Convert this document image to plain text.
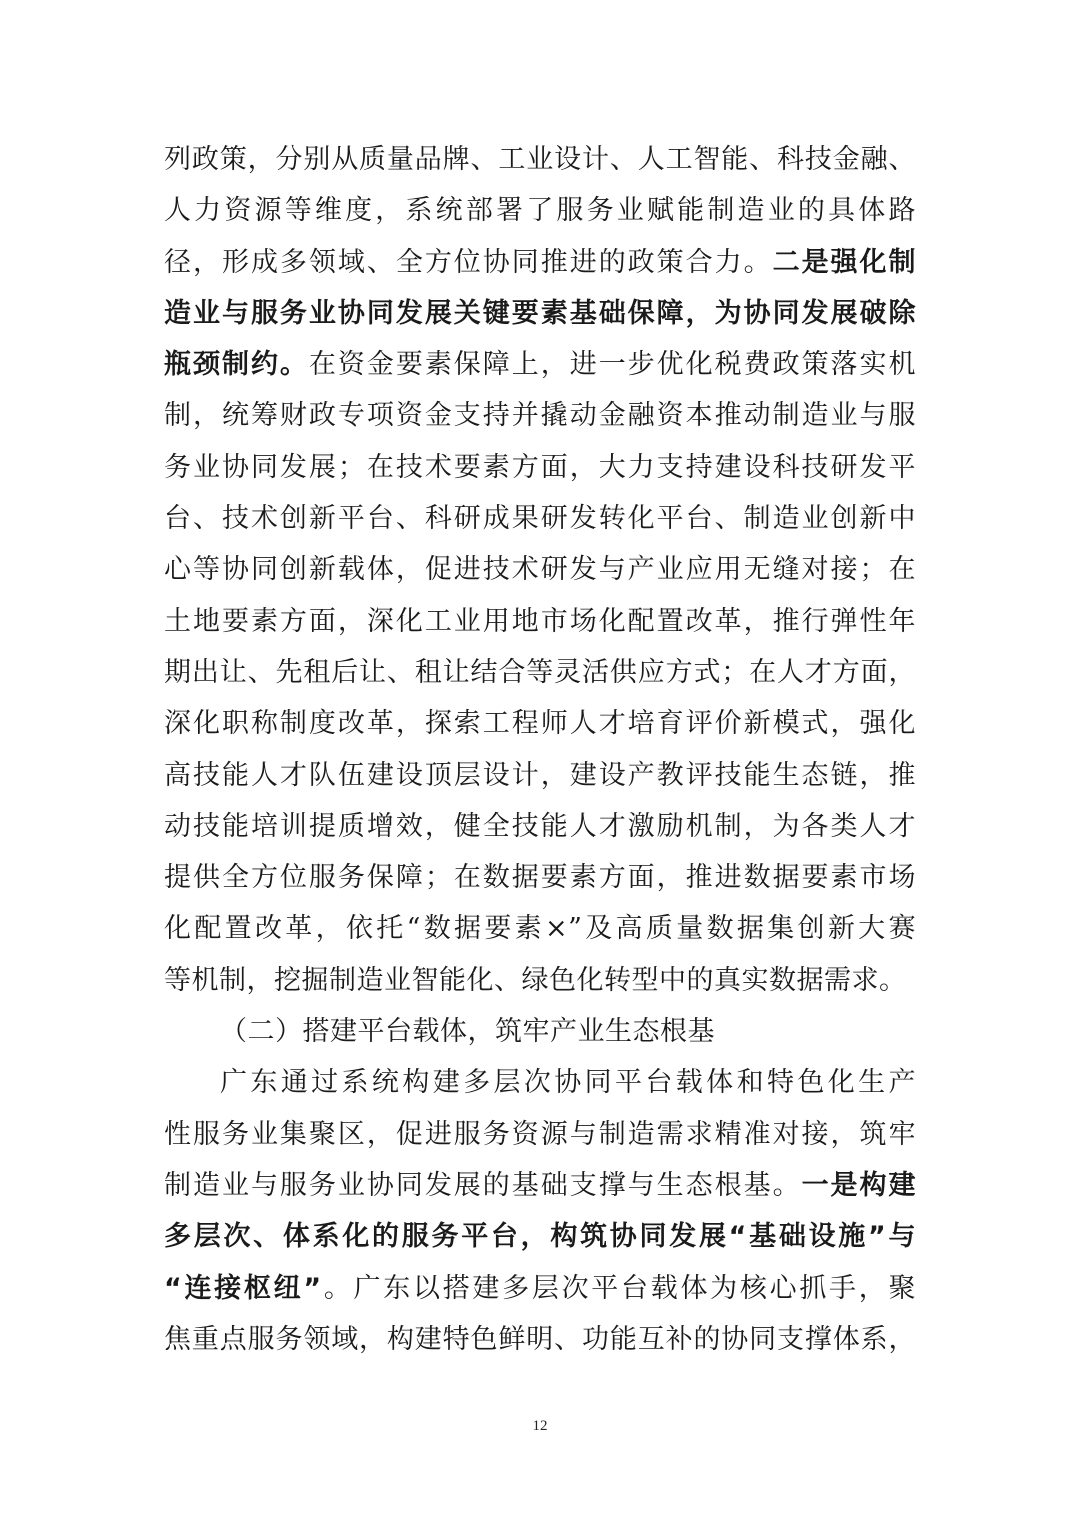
列政策，分别从质量品牌、工业设计、人工智能、科技金融、
人力资源等维度，系统部署了服务业赋能制造业的具体路
径，形成多领域、全方位协同推进的政策合力。二是强化制
造业与服务业协同发展关键要素基础保障，为协同发展破除
瓶颈制约。在资金要素保障上，进一步优化税费政策落实机
制，统筹财政专项资金支持并撬动金融资本推动制造业与服
务业协同发展；在技术要素方面，大力支持建设科技研发平
台、技术创新平台、科研成果研发转化平台、制造业创新中
心等协同创新载体，促进技术研发与产业应用无缝对接；在
土地要素方面，深化工业用地市场化配置改革，推行弹性年
期出让、先租后让、租让结合等灵活供应方式；在人才方面，
深化职称制度改革，探索工程师人才培育评价新模式，强化
高技能人才队伍建设顶层设计，建设产教评技能生态链，推
动技能培训提质增效，健全技能人才激励机制，为各类人才
提供全方位服务保障；在数据要素方面，推进数据要素市场
化配置改革，依托“数据要素×”及高质量数据集创新大赛
等机制，挖掘制造业智能化、绿色化转型中的真实数据需求。
（二）搭建平台载体，筑牢产业生态根基
广东通过系统构建多层次协同平台载体和特色化生产
性服务业集聚区，促进服务资源与制造需求精准对接，筑牢
制造业与服务业协同发展的基础支撑与生态根基。一是构建
多层次、体系化的服务平台，构筑协同发展“基础设施”与
“连接枢纽”。广东以搭建多层次平台载体为核心抓手，聚
焦重点服务领域，构建特色鲜明、功能互补的协同支撑体系，
12
